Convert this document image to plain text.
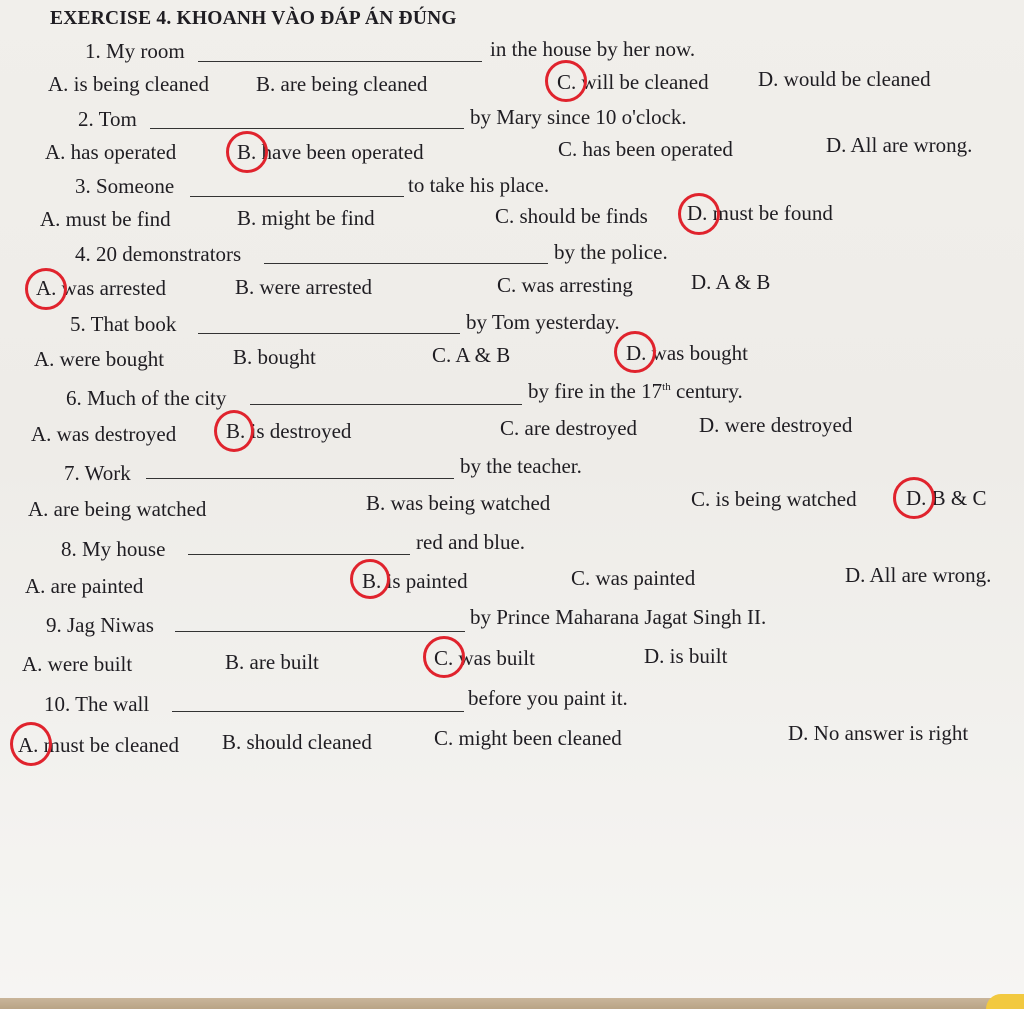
EXERCISE 4. KHOANH VÀO ĐÁP ÁN ĐÚNG
1. My room	in the house by her now.
A. is being cleaned B. are being cleaned	C. will be cleaned D. would be cleaned
2. Tom	by Mary since 10 o'clock.
A. has operated	B. have been operated	C. has been operated	D. All are wrong.
3. Someone	to take his place.
A. must be find	B. might be find	C. should be finds D. must be found
4. 20 demonstrators	by the police.
A. was arrested	B. were arrested	C. was arresting	D. A & B
5. That book	by Tom yesterday.
A. were bought	B. bought	C. A & B	D. was bought
6. Much of the city	by fire in the 17th century.
A. was destroyed B. is destroyed	C. are destroyed	D. were destroyed
7. Work	by the teacher.
A. are being watched	B. was being watched	C. is being watched D. B & C
8. My house	red and blue.
A. are painted	B. is painted	C. was painted	D. All are wrong.
9. Jag Niwas	by Prince Maharana Jagat Singh II.
A. were built	B. are built	C. was built	D. is built
10. The wall	before you paint it.
A. must be cleaned B. should cleaned	C. might been cleaned	D. No answer is right
